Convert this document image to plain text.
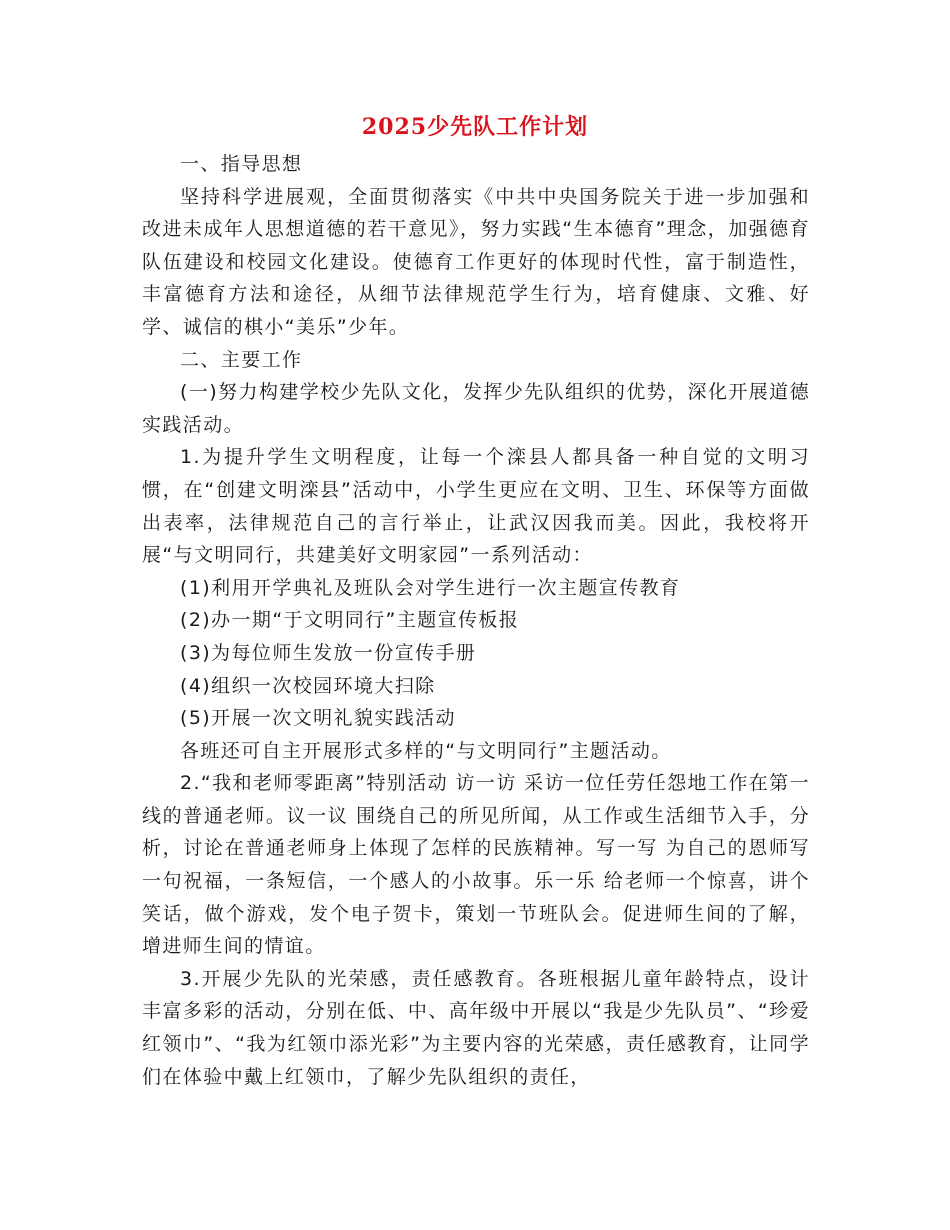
2025少先队工作计划

一、指导思想

坚持科学进展观，全面贯彻落实《中共中央国务院关于进一步加强和改进未成年人思想道德的若干意见》，努力实践“生本德育”理念，加强德育队伍建设和校园文化建设。使德育工作更好的体现时代性，富于制造性，丰富德育方法和途径，从细节法律规范学生行为，培育健康、文雅、好学、诚信的棋小“美乐”少年。

二、主要工作

(一)努力构建学校少先队文化，发挥少先队组织的优势，深化开展道德实践活动。

1.为提升学生文明程度，让每一个滦县人都具备一种自觉的文明习惯，在“创建文明滦县”活动中，小学生更应在文明、卫生、环保等方面做出表率，法律规范自己的言行举止，让武汉因我而美。因此，我校将开展“与文明同行，共建美好文明家园”一系列活动：

(1)利用开学典礼及班队会对学生进行一次主题宣传教育

(2)办一期“于文明同行”主题宣传板报

(3)为每位师生发放一份宣传手册

(4)组织一次校园环境大扫除

(5)开展一次文明礼貌实践活动

各班还可自主开展形式多样的“与文明同行”主题活动。

2.“我和老师零距离”特别活动 访一访 采访一位任劳任怨地工作在第一线的普通老师。议一议 围绕自己的所见所闻，从工作或生活细节入手，分析，讨论在普通老师身上体现了怎样的民族精神。写一写 为自己的恩师写一句祝福，一条短信，一个感人的小故事。乐一乐 给老师一个惊喜，讲个笑话，做个游戏，发个电子贺卡，策划一节班队会。促进师生间的了解，增进师生间的情谊。

3.开展少先队的光荣感，责任感教育。各班根据儿童年龄特点，设计丰富多彩的活动，分别在低、中、高年级中开展以“我是少先队员”、“珍爱红领巾”、“我为红领巾添光彩”为主要内容的光荣感，责任感教育，让同学们在体验中戴上红领巾，了解少先队组织的责任，
